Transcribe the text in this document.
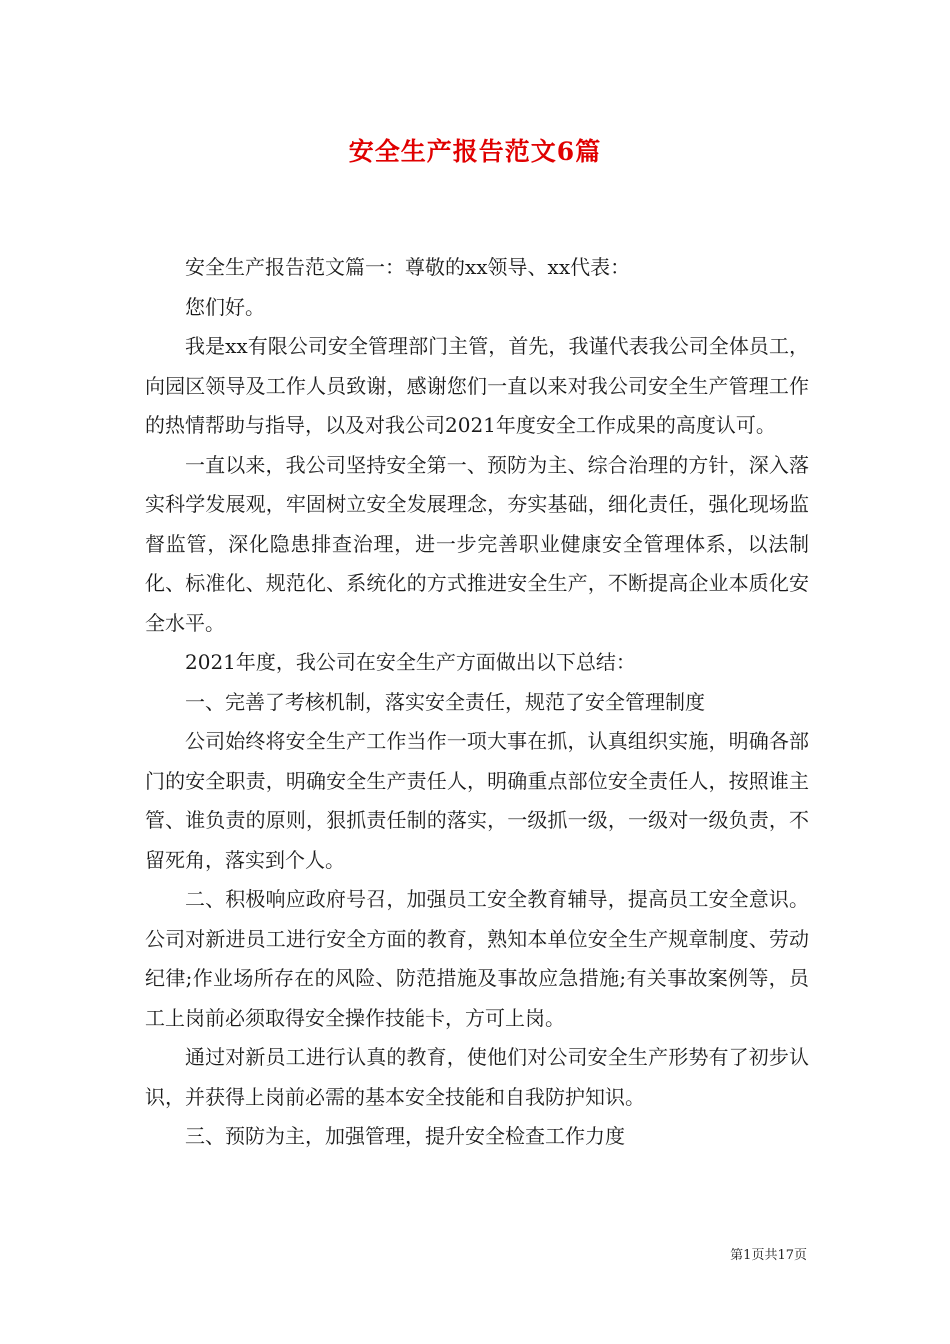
安全生产报告范文6篇

安全生产报告范文篇一：尊敬的xx领导、xx代表：

您们好。

我是xx有限公司安全管理部门主管，首先，我谨代表我公司全体员工，向园区领导及工作人员致谢，感谢您们一直以来对我公司安全生产管理工作的热情帮助与指导，以及对我公司2021年度安全工作成果的高度认可。

一直以来，我公司坚持安全第一、预防为主、综合治理的方针，深入落实科学发展观，牢固树立安全发展理念，夯实基础，细化责任，强化现场监督监管，深化隐患排查治理，进一步完善职业健康安全管理体系，以法制化、标准化、规范化、系统化的方式推进安全生产，不断提高企业本质化安全水平。

2021年度，我公司在安全生产方面做出以下总结：

一、完善了考核机制，落实安全责任，规范了安全管理制度

公司始终将安全生产工作当作一项大事在抓，认真组织实施，明确各部门的安全职责，明确安全生产责任人，明确重点部位安全责任人，按照谁主管、谁负责的原则，狠抓责任制的落实，一级抓一级，一级对一级负责，不留死角，落实到个人。

二、积极响应政府号召，加强员工安全教育辅导，提高员工安全意识。公司对新进员工进行安全方面的教育，熟知本单位安全生产规章制度、劳动纪律;作业场所存在的风险、防范措施及事故应急措施;有关事故案例等，员工上岗前必须取得安全操作技能卡，方可上岗。

通过对新员工进行认真的教育，使他们对公司安全生产形势有了初步认识，并获得上岗前必需的基本安全技能和自我防护知识。

三、预防为主，加强管理，提升安全检查工作力度

第1页共17页
